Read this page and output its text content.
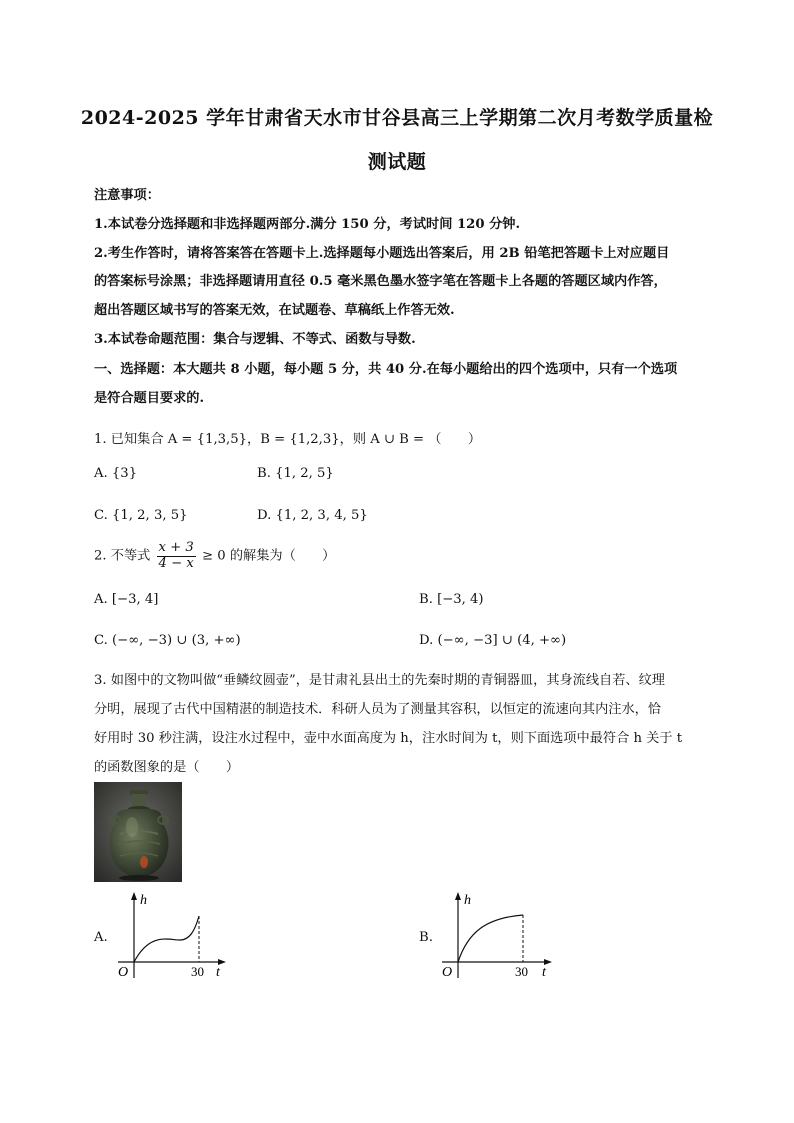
2024-2025 学年甘肃省天水市甘谷县高三上学期第二次月考数学质量检
测试题
注意事项：
1.本试卷分选择题和非选择题两部分.满分 150 分，考试时间 120 分钟.
2.考生作答时，请将答案答在答题卡上.选择题每小题选出答案后，用 2B 铅笔把答题卡上对应题目
的答案标号涂黑；非选择题请用直径 0.5 毫米黑色墨水签字笔在答题卡上各题的答题区域内作答，
超出答题区域书写的答案无效，在试题卷、草稿纸上作答无效.
3.本试卷命题范围：集合与逻辑、不等式、函数与导数.
一、选择题：本大题共 8 小题，每小题 5 分，共 40 分.在每小题给出的四个选项中，只有一个选项
是符合题目要求的.
1. 已知集合 A = {1,3,5}，B = {1,2,3}，则 A ∪ B = （　　）
A. {3}	B. {1, 2, 5}
C. {1, 2, 3, 5}	D. {1, 2, 3, 4, 5}
2. 不等式 $\frac{x + 3}{4 - x} \ge 0$ 的解集为（　　）
A. [−3, 4]	B. [−3, 4)
C. (−∞, −3) ∪ (3, +∞)	D. (−∞, −3] ∪ (4, +∞)
3. 如图中的文物叫做“垂鳞纹圆壶”，是甘肃礼县出土的先秦时期的青铜器皿，其身流线自若、纹理
分明，展现了古代中国精湛的制造技术．科研人员为了测量其容积，以恒定的流速向其内注水，恰
好用时 30 秒注满，设注水过程中，壶中水面高度为 h，注水时间为 t，则下面选项中最符合 h 关于 t
的函数图象的是（　　）
A.
h
t
O	30
B.
h
t
O	30
